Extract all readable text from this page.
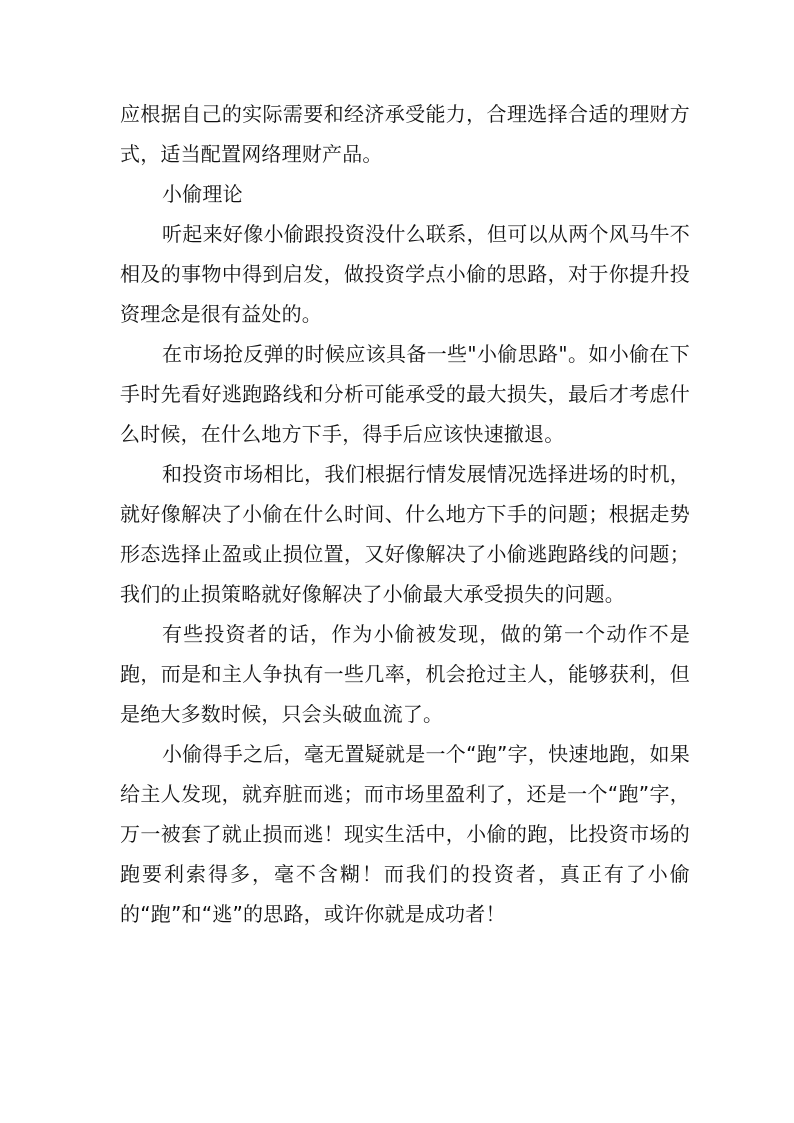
应根据自己的实际需要和经济承受能力，合理选择合适的理财方式，适当配置网络理财产品。

小偷理论

听起来好像小偷跟投资没什么联系，但可以从两个风马牛不相及的事物中得到启发，做投资学点小偷的思路，对于你提升投资理念是很有益处的。

在市场抢反弹的时候应该具备一些"小偷思路"。如小偷在下手时先看好逃跑路线和分析可能承受的最大损失，最后才考虑什么时候，在什么地方下手，得手后应该快速撤退。

和投资市场相比，我们根据行情发展情况选择进场的时机，就好像解决了小偷在什么时间、什么地方下手的问题；根据走势形态选择止盈或止损位置，又好像解决了小偷逃跑路线的问题；我们的止损策略就好像解决了小偷最大承受损失的问题。

有些投资者的话，作为小偷被发现，做的第一个动作不是跑，而是和主人争执有一些几率，机会抢过主人，能够获利，但是绝大多数时候，只会头破血流了。

小偷得手之后，毫无置疑就是一个“跑”字，快速地跑，如果给主人发现，就弃脏而逃；而市场里盈利了，还是一个“跑”字，万一被套了就止损而逃！现实生活中，小偷的跑，比投资市场的跑要利索得多，毫不含糊！而我们的投资者，真正有了小偷的“跑”和“逃”的思路，或许你就是成功者！
